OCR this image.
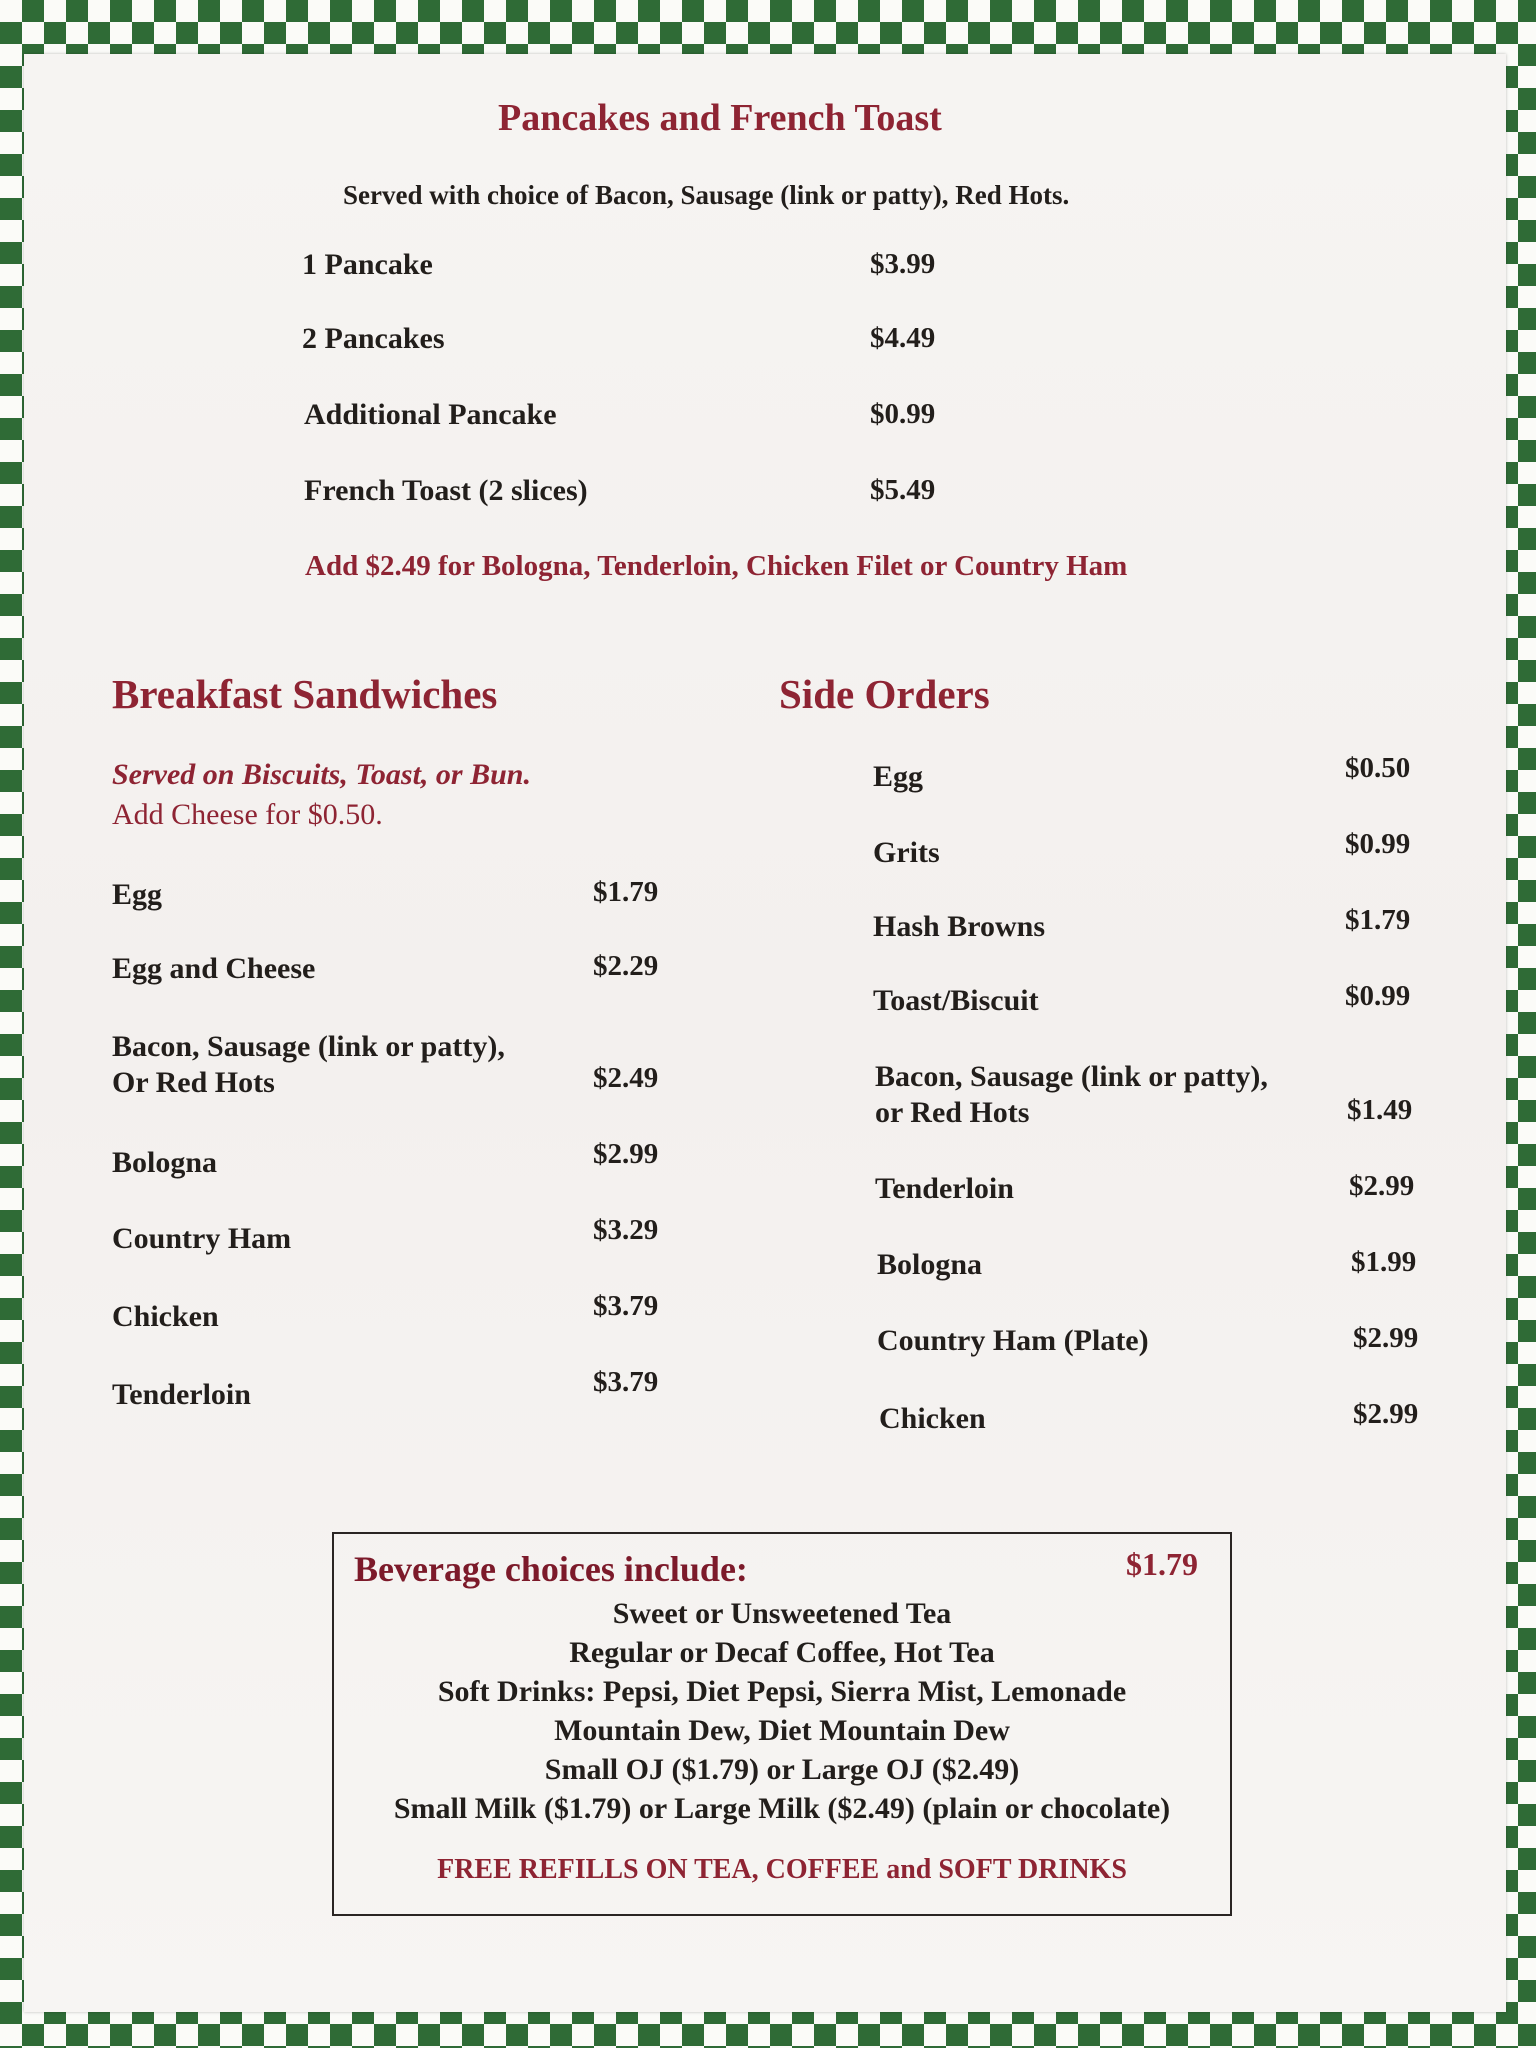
Pancakes and French Toast
Served with choice of Bacon, Sausage (link or patty), Red Hots.
1 Pancake	$3.99
2 Pancakes	$4.49
Additional Pancake	$0.99
French Toast (2 slices)	$5.49
Add $2.49 for Bologna, Tenderloin, Chicken Filet or Country Ham
Breakfast Sandwiches
Served on Biscuits, Toast, or Bun.
Add Cheese for $0.50.
Egg	$1.79
Egg and Cheese	$2.29
Bacon, Sausage (link or patty),
Or Red Hots	$2.49
Bologna	$2.99
Country Ham	$3.29
Chicken	$3.79
Tenderloin	$3.79
Side Orders
Egg	$0.50
Grits	$0.99
Hash Browns	$1.79
Toast/Biscuit	$0.99
Bacon, Sausage (link or patty),
or Red Hots	$1.49
Tenderloin	$2.99
Bologna	$1.99
Country Ham (Plate)	$2.99
Chicken	$2.99
Beverage choices include:	$1.79
Sweet or Unsweetened Tea
Regular or Decaf Coffee, Hot Tea
Soft Drinks: Pepsi, Diet Pepsi, Sierra Mist, Lemonade
Mountain Dew, Diet Mountain Dew
Small OJ ($1.79) or Large OJ ($2.49)
Small Milk ($1.79) or Large Milk ($2.49) (plain or chocolate)
FREE REFILLS ON TEA, COFFEE and SOFT DRINKS
